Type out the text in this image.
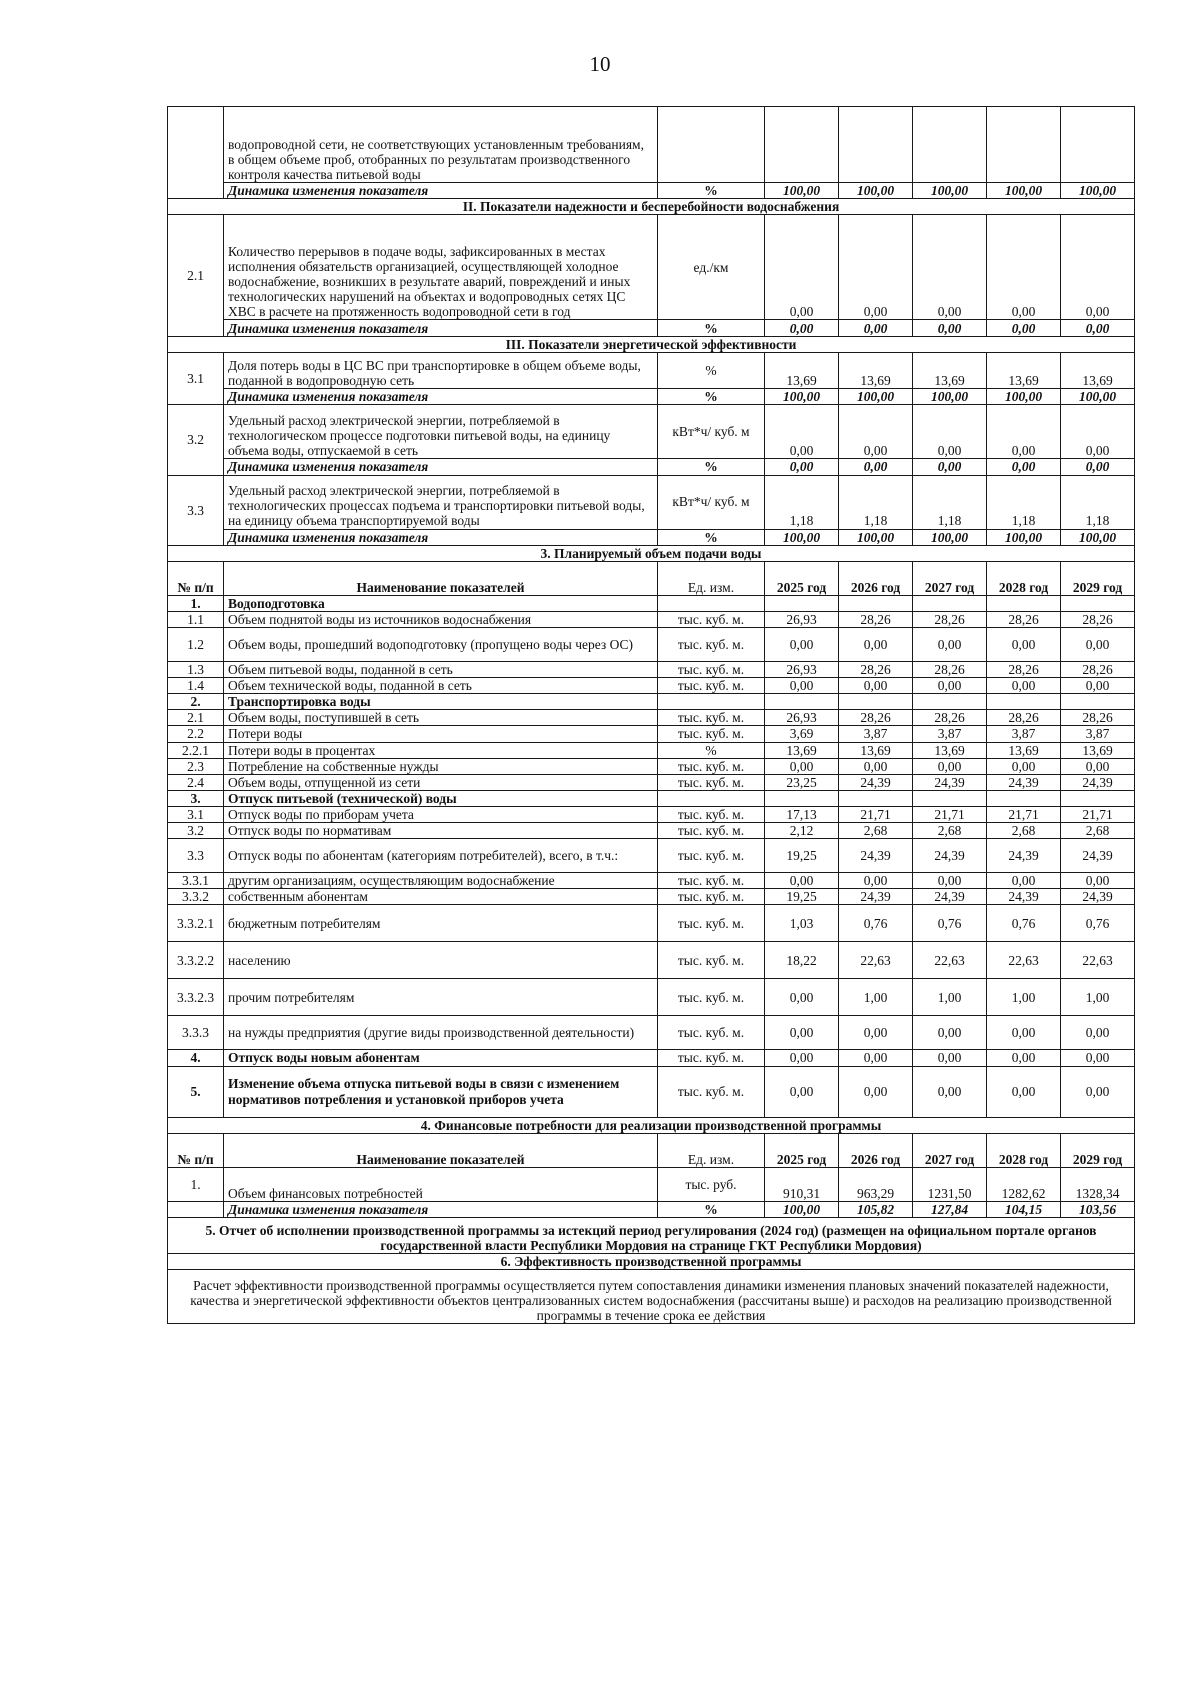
10
	водопроводной сети, не соответствующих установленным требованиям, в общем объеме проб, отобранных по результатам производственного контроля качества питьевой воды						
	Динамика изменения показателя	%	100,00	100,00	100,00	100,00	100,00
II. Показатели надежности и бесперебойности водоснабжения							
2.1	Количество перерывов в подаче воды, зафиксированных в местах исполнения обязательств организацией, осуществляющей холодное водоснабжение, возникших в результате аварий, повреждений и иных технологических нарушений на объектах и водопроводных сетях ЦС ХВС в расчете на протяженность водопроводной сети в год	ед./км	0,00	0,00	0,00	0,00	0,00
	Динамика изменения показателя	%	0,00	0,00	0,00	0,00	0,00
III. Показатели энергетической эффективности							
3.1	Доля потерь воды в ЦС ВС при транспортировке в общем объеме воды, поданной в водопроводную сеть	%	13,69	13,69	13,69	13,69	13,69
	Динамика изменения показателя	%	100,00	100,00	100,00	100,00	100,00
3.2	Удельный расход электрической энергии, потребляемой в технологическом процессе подготовки питьевой воды, на единицу объема воды, отпускаемой в сеть	кВт*ч/ куб. м	0,00	0,00	0,00	0,00	0,00
	Динамика изменения показателя	%	0,00	0,00	0,00	0,00	0,00
3.3	Удельный расход электрической энергии, потребляемой в технологических процессах подъема и транспортировки питьевой воды, на единицу объема транспортируемой воды	кВт*ч/ куб. м	1,18	1,18	1,18	1,18	1,18
	Динамика изменения показателя	%	100,00	100,00	100,00	100,00	100,00
3. Планируемый объем подачи воды							
№ п/п	Наименование показателей	Ед. изм.	2025 год	2026 год	2027 год	2028 год	2029 год
1.	Водоподготовка						
1.1	Объем поднятой воды из источников водоснабжения	тыс. куб. м.	26,93	28,26	28,26	28,26	28,26
1.2	Объем воды, прошедший водоподготовку (пропущено воды через ОС)	тыс. куб. м.	0,00	0,00	0,00	0,00	0,00
1.3	Объем питьевой воды, поданной в сеть	тыс. куб. м.	26,93	28,26	28,26	28,26	28,26
1.4	Объем технической воды, поданной в сеть	тыс. куб. м.	0,00	0,00	0,00	0,00	0,00
2.	Транспортировка воды						
2.1	Объем воды, поступившей в сеть	тыс. куб. м.	26,93	28,26	28,26	28,26	28,26
2.2	Потери воды	тыс. куб. м.	3,69	3,87	3,87	3,87	3,87
2.2.1	Потери воды в процентах	%	13,69	13,69	13,69	13,69	13,69
2.3	Потребление на собственные нужды	тыс. куб. м.	0,00	0,00	0,00	0,00	0,00
2.4	Объем воды, отпущенной из сети	тыс. куб. м.	23,25	24,39	24,39	24,39	24,39
3.	Отпуск питьевой (технической) воды						
3.1	Отпуск воды по приборам учета	тыс. куб. м.	17,13	21,71	21,71	21,71	21,71
3.2	Отпуск воды по нормативам	тыс. куб. м.	2,12	2,68	2,68	2,68	2,68
3.3	Отпуск воды по абонентам (категориям потребителей), всего, в т.ч.:	тыс. куб. м.	19,25	24,39	24,39	24,39	24,39
3.3.1	другим организациям, осуществляющим водоснабжение	тыс. куб. м.	0,00	0,00	0,00	0,00	0,00
3.3.2	собственным абонентам	тыс. куб. м.	19,25	24,39	24,39	24,39	24,39
3.3.2.1	бюджетным потребителям	тыс. куб. м.	1,03	0,76	0,76	0,76	0,76
3.3.2.2	населению	тыс. куб. м.	18,22	22,63	22,63	22,63	22,63
3.3.2.3	прочим потребителям	тыс. куб. м.	0,00	1,00	1,00	1,00	1,00
3.3.3	на нужды предприятия (другие виды производственной деятельности)	тыс. куб. м.	0,00	0,00	0,00	0,00	0,00
4.	Отпуск воды новым абонентам	тыс. куб. м.	0,00	0,00	0,00	0,00	0,00
5.	Изменение объема отпуска питьевой воды в связи с изменением нормативов потребления и установкой приборов учета	тыс. куб. м.	0,00	0,00	0,00	0,00	0,00
4. Финансовые потребности для реализации производственной программы							
№ п/п	Наименование показателей	Ед. изм.	2025 год	2026 год	2027 год	2028 год	2029 год
1.	Объем финансовых потребностей	тыс. руб.	910,31	963,29	1231,50	1282,62	1328,34
	Динамика изменения показателя	%	100,00	105,82	127,84	104,15	103,56
5. Отчет об исполнении производственной программы за истекций период регулирования (2024 год) (размещен на официальном портале органов государственной власти Республики Мордовия на странице ГКТ Республики Мордовия)							
6. Эффективность производственной программы							
Расчет эффективности производственной программы осуществляется путем сопоставления динамики изменения плановых значений показателей надежности, качества и энергетической эффективности объектов централизованных систем водоснабжения (рассчитаны выше) и расходов на реализацию производственной программы в течение срока ее действия							
